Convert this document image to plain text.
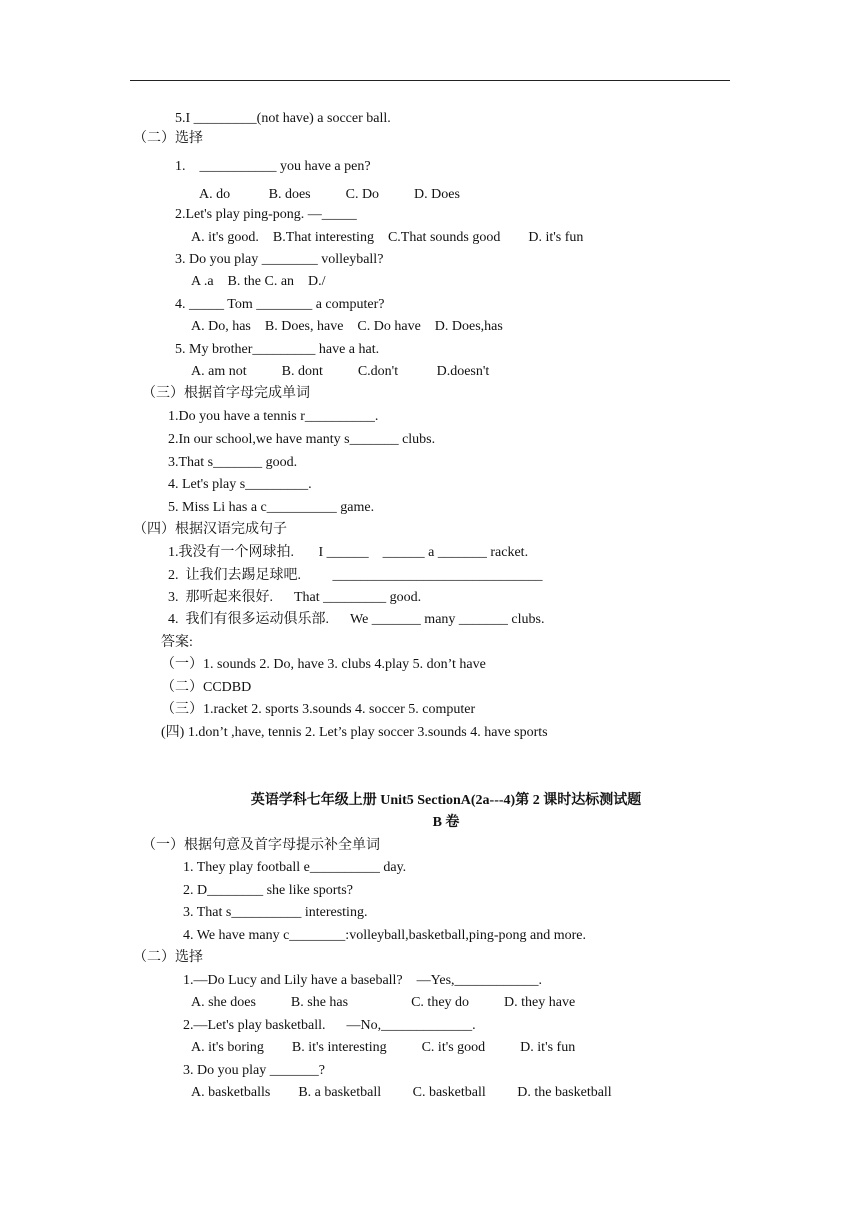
5.I _________(not have) a soccer ball.
（二）选择
1.    ___________ you have a pen?
A. do           B. does          C. Do          D. Does
2.Let's play ping-pong. —_____
A. it's good.    B.That interesting    C.That sounds good        D. it's fun
3. Do you play ________ volleyball?
A .a    B. the C. an    D./
4. _____ Tom ________ a computer?
A. Do, has    B. Does, have    C. Do have    D. Does,has
5. My brother_________ have a hat.
A. am not          B. dont          C.don't           D.doesn't
（三）根据首字母完成单词
1.Do you have a tennis r__________.
2.In our school,we have manty s_______ clubs.
3.That s_______ good.
4. Let's play s_________.
5. Miss Li has a c__________ game.
（四）根据汉语完成句子
1.我没有一个网球拍.       I ______    ______ a _______ racket.
2.  让我们去踢足球吧.         ______________________________
3.  那听起来很好.      That _________ good.
4.  我们有很多运动俱乐部.      We _______ many _______ clubs.
答案:
（一）1. sounds 2. Do, have 3. clubs 4.play 5. don’t have
（二）CCDBD
（三）1.racket 2. sports 3.sounds 4. soccer 5. computer
(四) 1.don’t ,have, tennis 2. Let’s play soccer 3.sounds 4. have sports
英语学科七年级上册 Unit5 SectionA(2a---4)第 2 课时达标测试题
B 卷
（一）根据句意及首字母提示补全单词
1. They play football e__________ day.
2. D________ she like sports?
3. That s__________ interesting.
4. We have many c________:volleyball,basketball,ping-pong and more.
（二）选择
1.—Do Lucy and Lily have a baseball?    —Yes,____________.
A. she does          B. she has                  C. they do          D. they have
2.—Let's play basketball.      —No,_____________.
A. it's boring        B. it's interesting          C. it's good          D. it's fun
3. Do you play _______?
A. basketballs        B. a basketball         C. basketball         D. the basketball
